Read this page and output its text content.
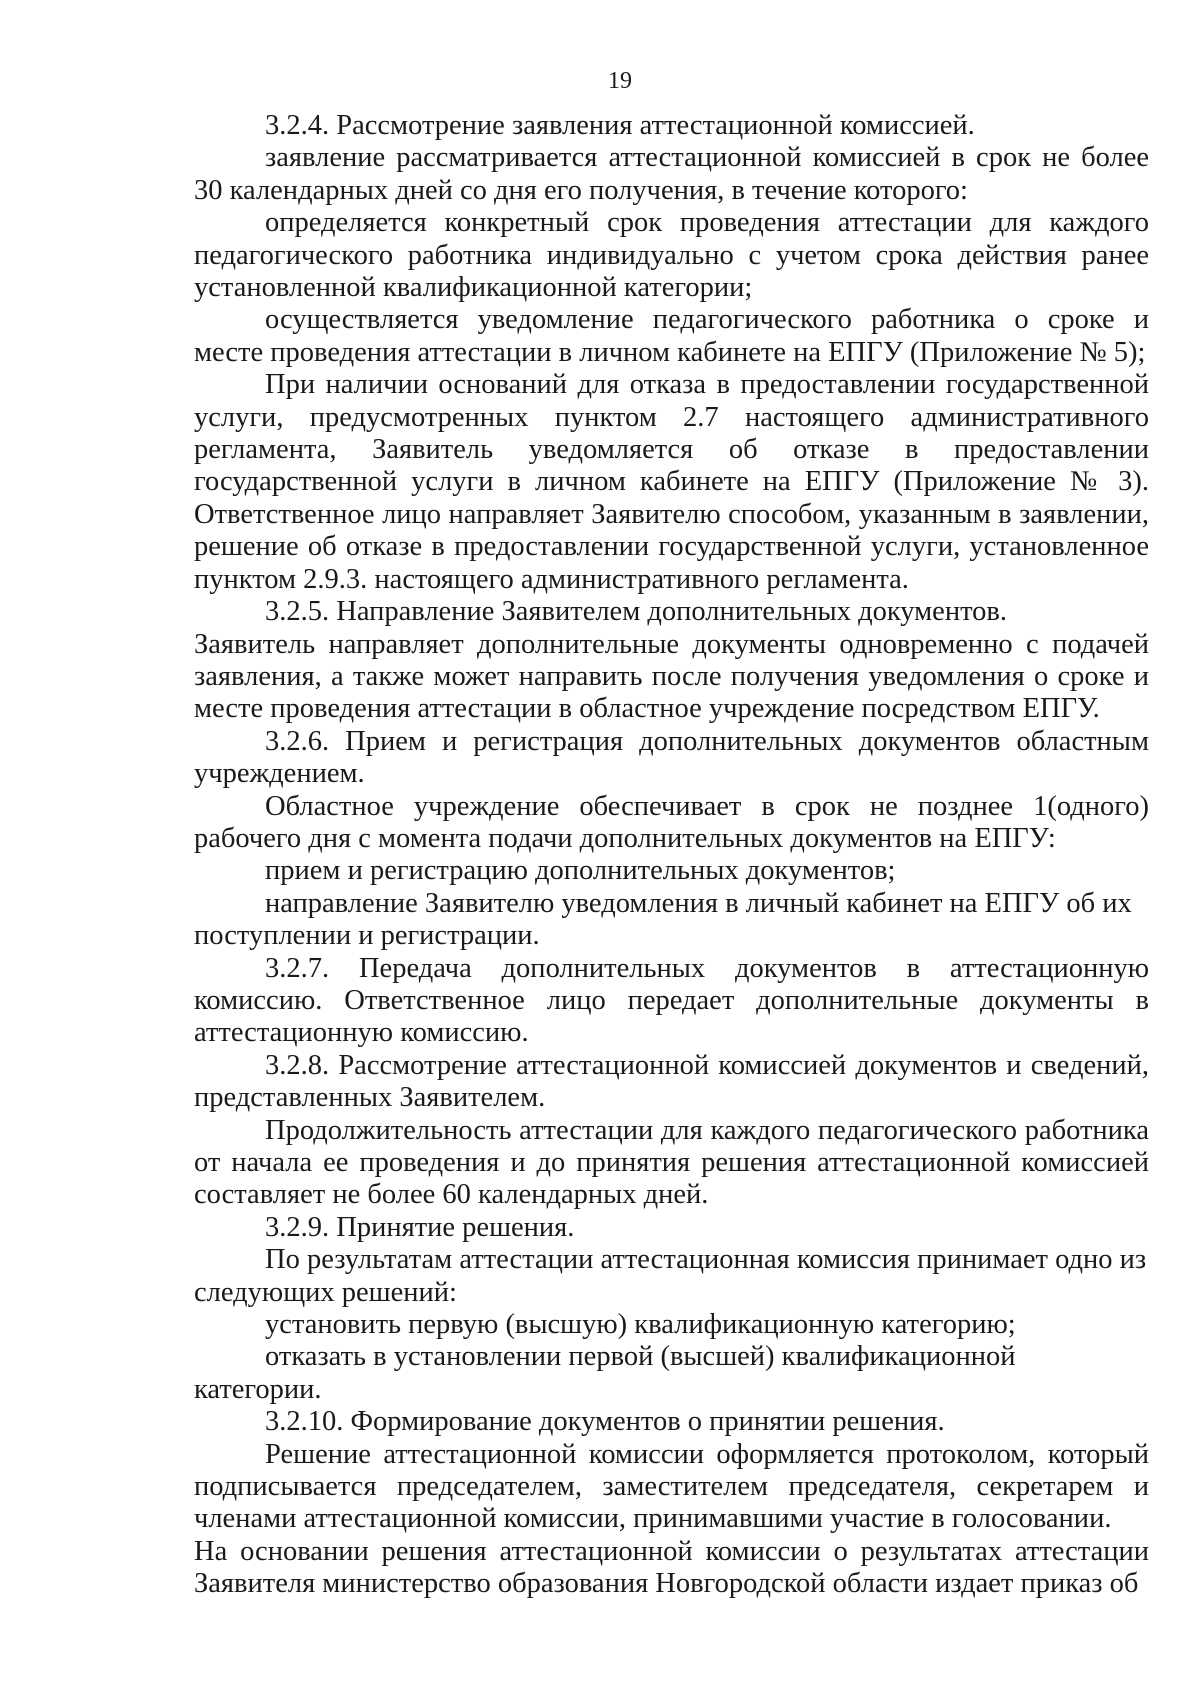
19

3.2.4. Рассмотрение заявления аттестационной комиссией.

заявление рассматривается аттестационной комиссией в срок не более 30 календарных дней со дня его получения, в течение которого:

определяется конкретный срок проведения аттестации для каждого педагогического работника индивидуально с учетом срока действия ранее установленной квалификационной категории;

осуществляется уведомление педагогического работника о сроке и месте проведения аттестации в личном кабинете на ЕПГУ (Приложение № 5);

При наличии оснований для отказа в предоставлении государственной услуги, предусмотренных пунктом 2.7 настоящего административного регламента, Заявитель уведомляется об отказе в предоставлении государственной услуги в личном кабинете на ЕПГУ (Приложение № 3). Ответственное лицо направляет Заявителю способом, указанным в заявлении, решение об отказе в предоставлении государственной услуги, установленное пунктом 2.9.3. настоящего административного регламента.

3.2.5. Направление Заявителем дополнительных документов.

Заявитель направляет дополнительные документы одновременно с подачей заявления, а также может направить после получения уведомления о сроке и месте проведения аттестации в областное учреждение посредством ЕПГУ.

3.2.6. Прием и регистрация дополнительных документов областным учреждением.

Областное учреждение обеспечивает в срок не позднее 1(одного) рабочего дня с момента подачи дополнительных документов на ЕПГУ:

прием и регистрацию дополнительных документов;

направление Заявителю уведомления в личный кабинет на ЕПГУ об их поступлении и регистрации.

3.2.7. Передача дополнительных документов в аттестационную комиссию. Ответственное лицо передает дополнительные документы в аттестационную комиссию.

3.2.8. Рассмотрение аттестационной комиссией документов и сведений, представленных Заявителем.

Продолжительность аттестации для каждого педагогического работника от начала ее проведения и до принятия решения аттестационной комиссией составляет не более 60 календарных дней.

3.2.9. Принятие решения.

По результатам аттестации аттестационная комиссия принимает одно из следующих решений:

установить первую (высшую) квалификационную категорию;

отказать в установлении первой (высшей) квалификационной категории.

3.2.10. Формирование документов о принятии решения.

Решение аттестационной комиссии оформляется протоколом, который подписывается председателем, заместителем председателя, секретарем и членами аттестационной комиссии, принимавшими участие в голосовании.

На основании решения аттестационной комиссии о результатах аттестации Заявителя министерство образования Новгородской области издает приказ об
